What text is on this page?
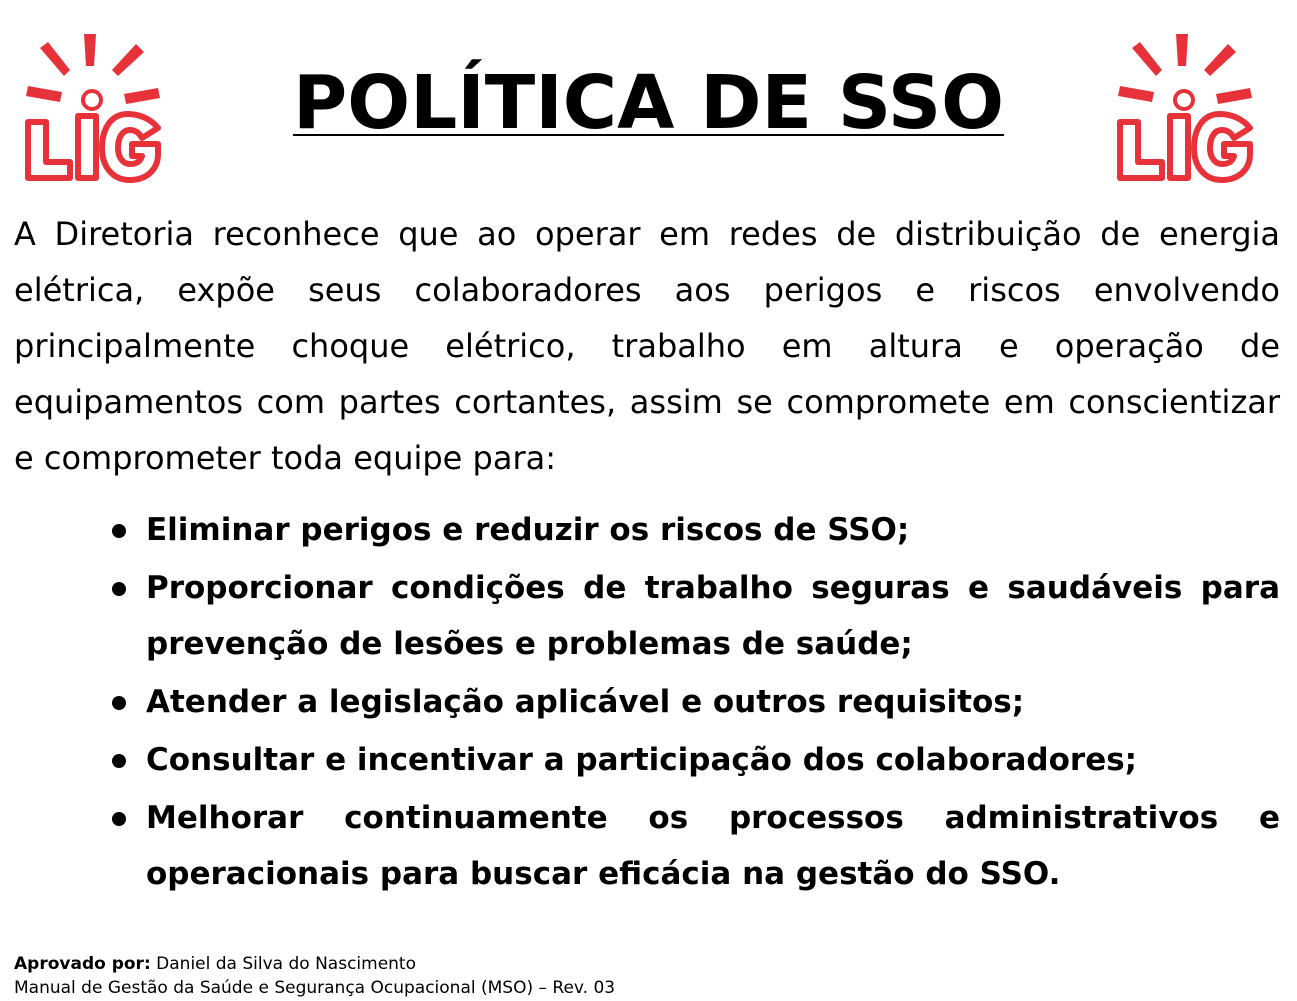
POLÍTICA DE SSO

A Diretoria reconhece que ao operar em redes de distribuição de energia elétrica, expõe seus colaboradores aos perigos e riscos envolvendo principalmente choque elétrico, trabalho em altura e operação de equipamentos com partes cortantes, assim se compromete em conscientizar e comprometer toda equipe para:

Eliminar perigos e reduzir os riscos de SSO;
Proporcionar condições de trabalho seguras e saudáveis para prevenção de lesões e problemas de saúde;
Atender a legislação aplicável e outros requisitos;
Consultar e incentivar a participação dos colaboradores;
Melhorar continuamente os processos administrativos e operacionais para buscar eficácia na gestão do SSO.
Aprovado por: Daniel da Silva do Nascimento
Manual de Gestão da Saúde e Segurança Ocupacional (MSO) – Rev. 03
